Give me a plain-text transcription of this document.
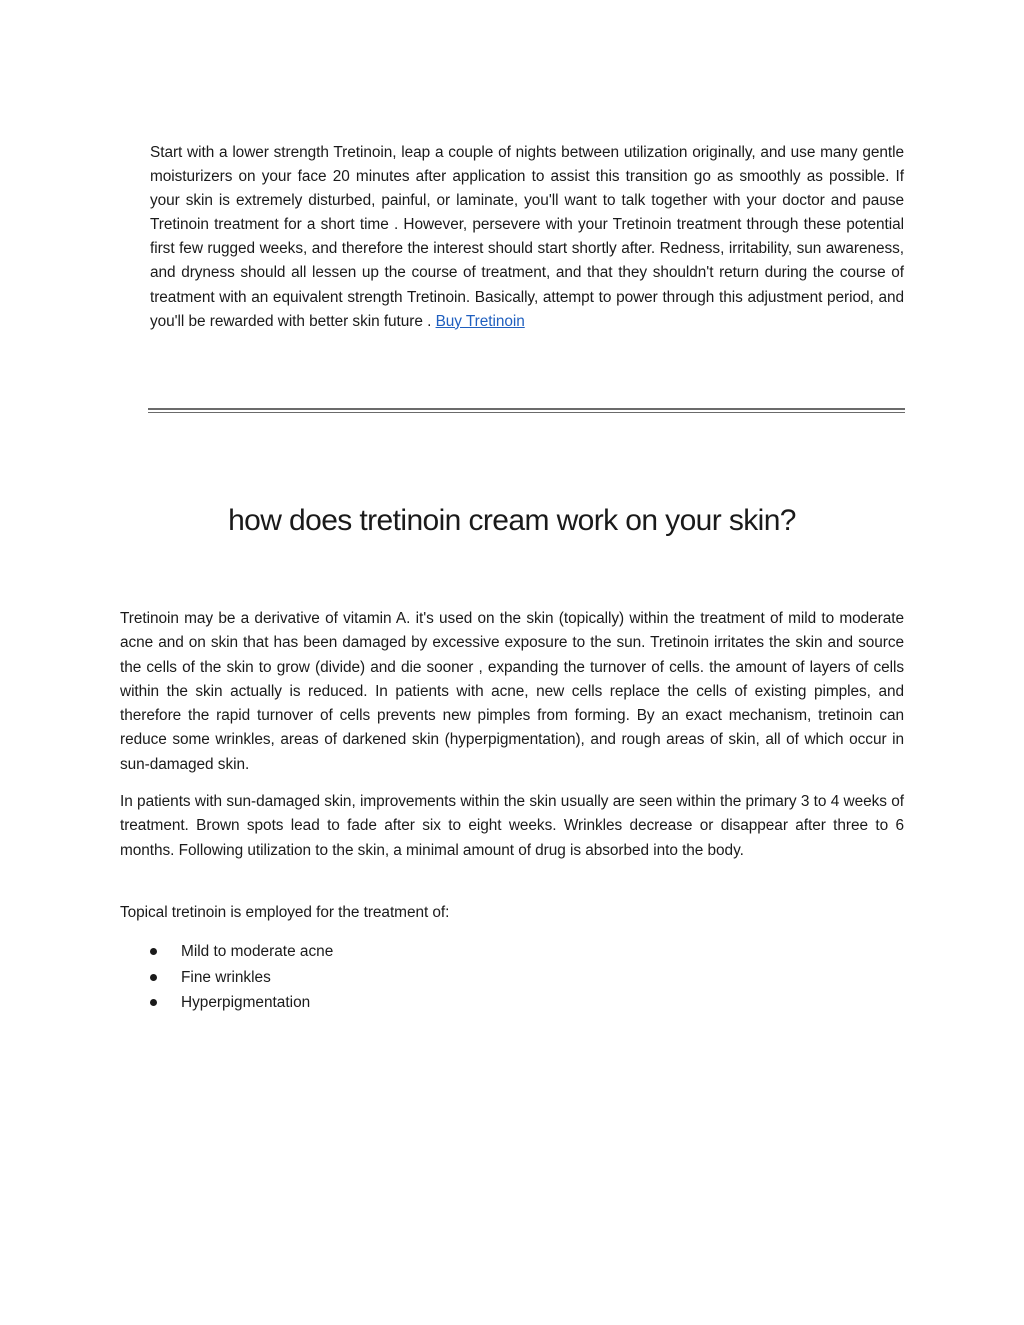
Start with a lower strength Tretinoin, leap a couple of nights between utilization originally, and use many gentle moisturizers on your face 20 minutes after application to assist this transition go as smoothly as possible. If your skin is extremely disturbed, painful, or laminate, you'll want to talk together with your doctor and pause Tretinoin treatment for a short time . However, persevere with your Tretinoin treatment through these potential first few rugged weeks, and therefore the interest should start shortly after. Redness, irritability, sun awareness, and dryness should all lessen up the course of treatment, and that they shouldn't return during the course of treatment with an equivalent strength Tretinoin. Basically, attempt to power through this adjustment period, and you'll be rewarded with better skin future . Buy Tretinoin

how does tretinoin cream work on your skin?

Tretinoin may be a derivative of vitamin A. it's used on the skin (topically) within the treatment of mild to moderate acne and on skin that has been damaged by excessive exposure to the sun. Tretinoin irritates the skin and source the cells of the skin to grow (divide) and die sooner , expanding the turnover of cells. the amount of layers of cells within the skin actually is reduced. In patients with acne, new cells replace the cells of existing pimples, and therefore the rapid turnover of cells prevents new pimples from forming. By an exact mechanism, tretinoin can reduce some wrinkles, areas of darkened skin (hyperpigmentation), and rough areas of skin, all of which occur in sun-damaged skin.

In patients with sun-damaged skin, improvements within the skin usually are seen within the primary 3 to 4 weeks of treatment. Brown spots lead to fade after six to eight weeks. Wrinkles decrease or disappear after three to 6 months. Following utilization to the skin, a minimal amount of drug is absorbed into the body.

Topical tretinoin is employed for the treatment of:

Mild to moderate acne
Fine wrinkles
Hyperpigmentation
